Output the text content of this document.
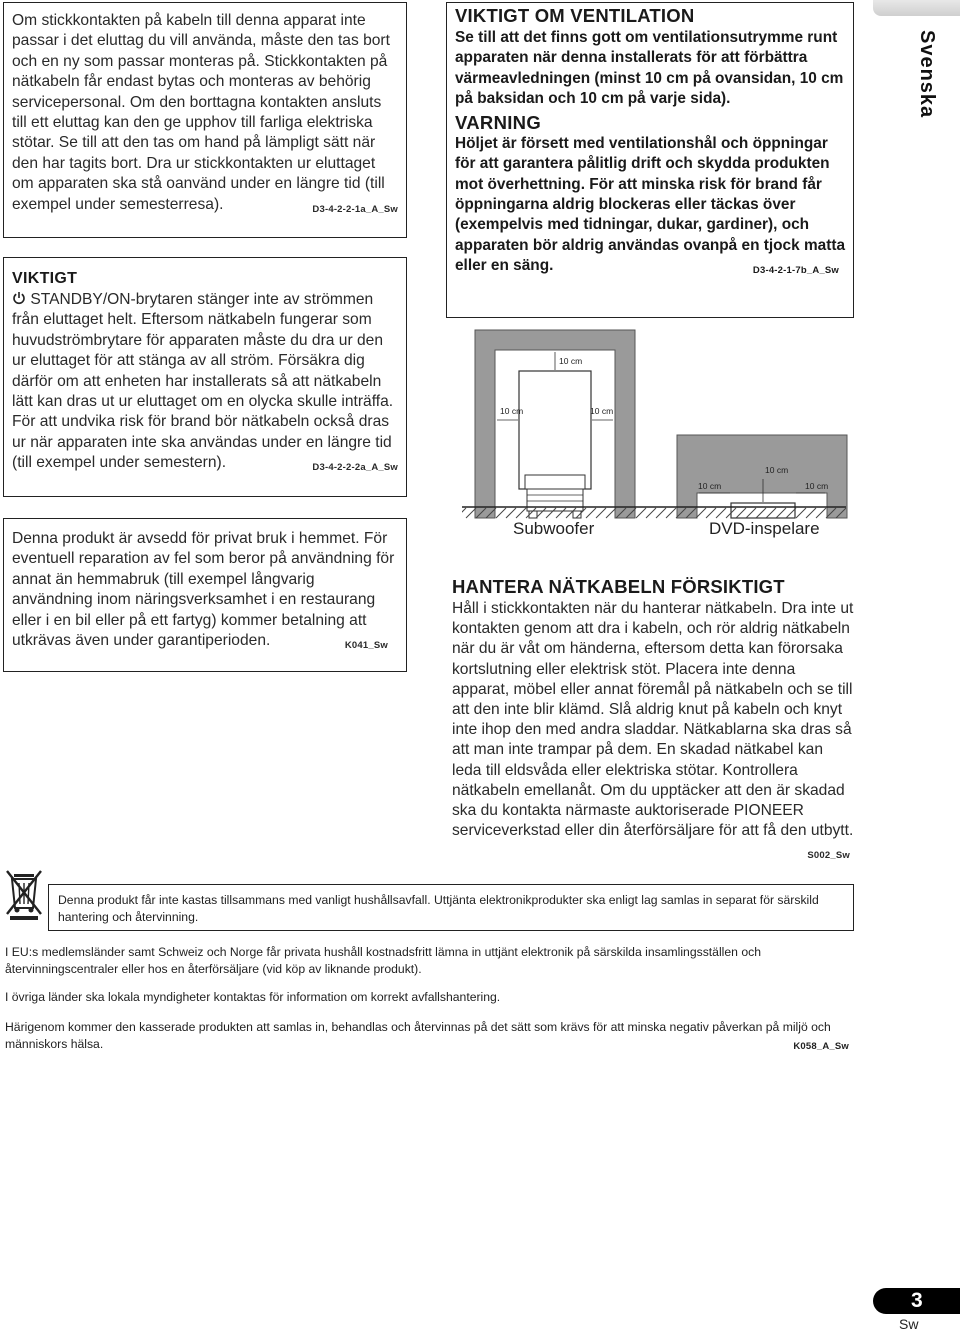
Om stickkontakten på kabeln till denna apparat inte passar i det eluttag du vill använda, måste den tas bort och en ny som passar monteras på. Stickkontakten på nätkabeln får endast bytas och monteras av behörig servicepersonal. Om den borttagna kontakten ansluts till ett eluttag kan den ge upphov till farliga elektriska stötar. Se till att den tas om hand på lämpligt sätt när den har tagits bort. Dra ur stickkontakten ur eluttaget om apparaten ska stå oanvänd under en längre tid (till exempel under semesterresa).	D3-4-2-2-1a_A_Sw
VIKTIGT
STANDBY/ON-brytaren stänger inte av strömmen från eluttaget helt. Eftersom nätkabeln fungerar som huvudströmbrytare för apparaten måste du dra ur den ur eluttaget för att stänga av all ström. Försäkra dig därför om att enheten har installerats så att nätkabeln lätt kan dras ut ur eluttaget om en olycka skulle inträffa. För att undvika risk för brand bör nätkabeln också dras ur när apparaten inte ska användas under en längre tid (till exempel under semestern).	D3-4-2-2-2a_A_Sw
Denna produkt är avsedd för privat bruk i hemmet. För eventuell reparation av fel som beror på användning för annat än hemmabruk (till exempel långvarig användning inom näringsverksamhet i en restaurang eller i en bil eller på ett fartyg) kommer betalning att utkrävas även under garantiperioden.	K041_Sw
VIKTIGT OM VENTILATION
Se till att det finns gott om ventilationsutrymme runt apparaten när denna installerats för att förbättra värmeavledningen (minst 10 cm på ovansidan, 10 cm på baksidan och 10 cm på varje sida).
VARNING
Höljet är försett med ventilationshål och öppningar för att garantera pålitlig drift och skydda produkten mot överhettning. För att minska risk för brand får öppningarna aldrig blockeras eller täckas över (exempelvis med tidningar, dukar, gardiner), och apparaten bör aldrig användas ovanpå en tjock matta eller en säng.	D3-4-2-1-7b_A_Sw
Svenska
10 cm
10 cm	10 cm
10 cm
10 cm	10 cm
Subwoofer	DVD-inspelare
HANTERA NÄTKABELN FÖRSIKTIGT
Håll i stickkontakten när du hanterar nätkabeln. Dra inte ut kontakten genom att dra i kabeln, och rör aldrig nätkabeln när du är våt om händerna, eftersom detta kan förorsaka kortslutning eller elektrisk stöt. Placera inte denna apparat, möbel eller annat föremål på nätkabeln och se till att den inte blir klämd. Slå aldrig knut på kabeln och knyt inte ihop den med andra sladdar. Nätkablarna ska dras så att man inte trampar på dem. En skadad nätkabel kan leda till eldsvåda eller elektriska stötar. Kontrollera nätkabeln emellanåt. Om du upptäcker att den är skadad ska du kontakta närmaste auktoriserade PIONEER serviceverkstad eller din återförsäljare för att få den utbytt.
S002_Sw
Denna produkt får inte kastas tillsammans med vanligt hushållsavfall. Uttjänta elektronikprodukter ska enligt lag samlas in separat för särskild hantering och återvinning.
I EU:s medlemsländer samt Schweiz och Norge får privata hushåll kostnadsfritt lämna in uttjänt elektronik på särskilda insamlingsställen och återvinningscentraler eller hos en återförsäljare (vid köp av liknande produkt).
I övriga länder ska lokala myndigheter kontaktas för information om korrekt avfallshantering.
Härigenom kommer den kasserade produkten att samlas in, behandlas och återvinnas på det sätt som krävs för att minska negativ påverkan på miljö och människors hälsa.	K058_A_Sw
3
Sw
